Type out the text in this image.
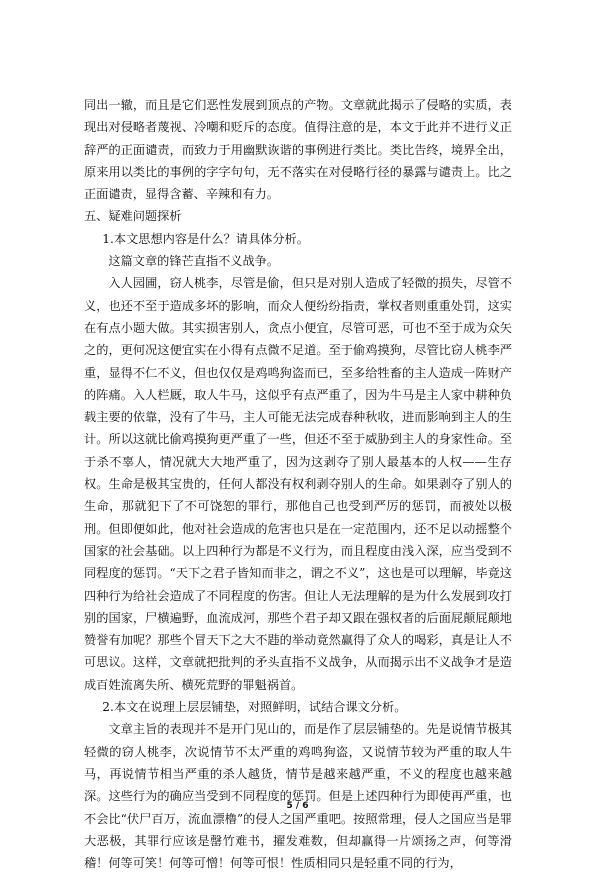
同出一辙，而且是它们恶性发展到顶点的产物。文章就此揭示了侵略的实质，表现出对侵略者蔑视、冷嘲和贬斥的态度。值得注意的是，本文于此并不进行义正辞严的正面谴责，而致力于用幽默诙谐的事例进行类比。类比告终，境界全出，原来用以类比的事例的字字句句，无不落实在对侵略行径的暴露与谴责上。比之正面谴责，显得含蓄、辛辣和有力。

五、疑难问题探析

1.本文思想内容是什么？请具体分析。

这篇文章的锋芒直指不义战争。

入人园圃，窃人桃李，尽管是偷，但只是对别人造成了轻微的损失，尽管不义，也还不至于造成多坏的影响，而众人便纷纷指责，掌权者则重重处罚，这实在有点小题大做。其实损害别人，贪点小便宜，尽管可恶，可也不至于成为众矢之的，更何况这便宜实在小得有点微不足道。至于偷鸡摸狗，尽管比窃人桃李严重，显得不仁不义，但也仅仅是鸡鸣狗盗而已，至多给牲畜的主人造成一阵财产的阵痛。入人栏厩，取人牛马，这似乎有点严重了，因为牛马是主人家中耕种负载主要的依靠，没有了牛马，主人可能无法完成春种秋收，进而影响到主人的生计。所以这就比偷鸡摸狗更严重了一些，但还不至于威胁到主人的身家性命。至于杀不辜人，情况就大大地严重了，因为这剥夺了别人最基本的人权——生存权。生命是极其宝贵的，任何人都没有权利剥夺别人的生命。如果剥夺了别人的生命，那就犯下了不可饶恕的罪行，那他自己也受到严厉的惩罚，而被处以极刑。但即便如此，他对社会造成的危害也只是在一定范围内，还不足以动摇整个国家的社会基础。以上四种行为都是不义行为，而且程度由浅入深，应当受到不同程度的惩罚。“天下之君子皆知而非之，谓之不义”，这也是可以理解，毕竟这四种行为给社会造成了不同程度的伤害。但让人无法理解的是为什么发展到攻打别的国家，尸横遍野，血流成河，那些个君子却又跟在强权者的后面屁颠屁颠地赞誉有加呢？那些个冒天下之大不韪的举动竟然赢得了众人的喝彩，真是让人不可思议。这样，文章就把批判的矛头直指不义战争，从而揭示出不义战争才是造成百姓流离失所、横死荒野的罪魁祸首。

2.本文在说理上层层铺垫，对照鲜明，试结合课文分析。

文章主旨的表现并不是开门见山的，而是作了层层铺垫的。先是说情节极其轻微的窃人桃李，次说情节不太严重的鸡鸣狗盗，又说情节较为严重的取人牛马，再说情节相当严重的杀人越货，情节是越来越严重，不义的程度也越来越深。这些行为的确应当受到不同程度的惩罚。但是上述四种行为即使再严重，也不会比“伏尸百万，流血漂橹”的侵人之国严重吧。按照常理，侵人之国应当是罪大恶极，其罪行应该是罄竹难书，擢发难数，但却赢得一片颂扬之声，何等滑稽！何等可笑！何等可憎！何等可恨！性质相同只是轻重不同的行为，

5 / 6
